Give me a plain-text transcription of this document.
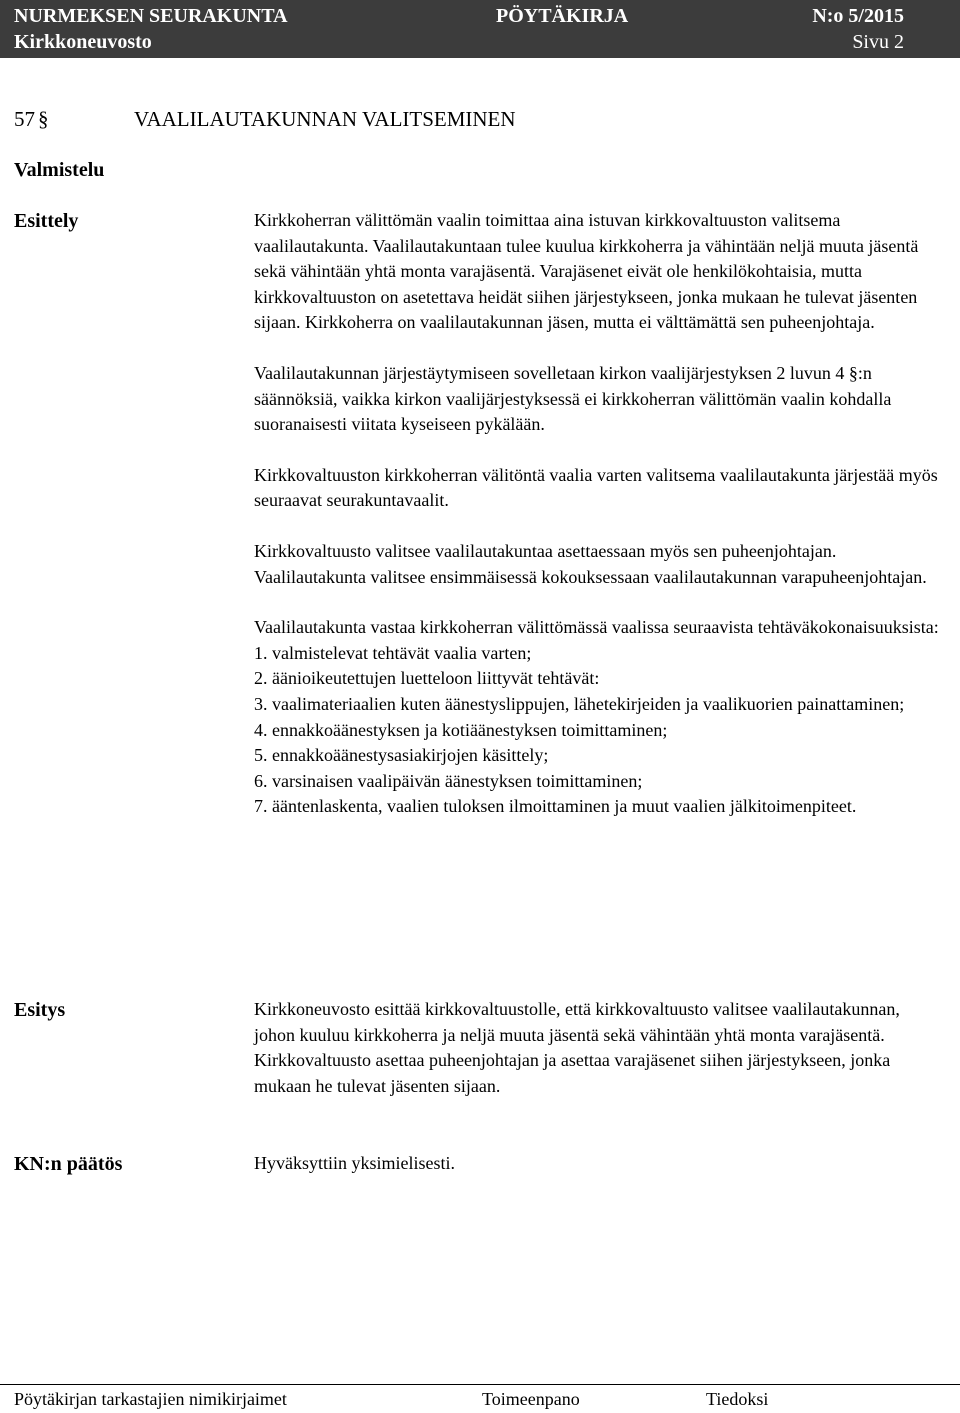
NURMEKSEN SEURAKUNTA	PÖYTÄKIRJA	N:o 5/2015
Kirkkoneuvosto	Sivu 2
57 §	VAALILAUTAKUNNAN VALITSEMINEN
Valmistelu
Esittely	Kirkkoherran välittömän vaalin toimittaa aina istuvan kirkkovaltuuston valitsema vaalilautakunta. Vaalilautakuntaan tulee kuulua kirkkoherra ja vähintään neljä muuta jäsentä sekä vähintään yhtä monta varajäsentä. Varajäsenet eivät ole henkilökohtaisia, mutta kirkkovaltuuston on asetettava heidät siihen järjestykseen, jonka mukaan he tulevat jäsenten sijaan. Kirkkoherra on vaalilautakunnan jäsen, mutta ei välttämättä sen puheenjohtaja.

Vaalilautakunnan järjestäytymiseen sovelletaan kirkon vaalijärjestyksen 2 luvun 4 §:n säännöksiä, vaikka kirkon vaalijärjestyksessä ei kirkkoherran välittömän vaalin kohdalla suoranaisesti viitata kyseiseen pykälään.

Kirkkovaltuuston kirkkoherran välitöntä vaalia varten valitsema vaalilautakunta järjestää myös seuraavat seurakuntavaalit.

Kirkkovaltuusto valitsee vaalilautakuntaa asettaessaan myös sen puheenjohtajan. Vaalilautakunta valitsee ensimmäisessä kokouksessaan vaalilautakunnan varapuheenjohtajan.

Vaalilautakunta vastaa kirkkoherran välittömässä vaalissa seuraavista tehtäväkokonaisuuksista:

1. valmistelevat tehtävät vaalia varten;

2. äänioikeutettujen luetteloon liittyvät tehtävät:

3. vaalimateriaalien kuten äänestyslippujen, lähetekirjeiden ja vaalikuorien painattaminen;

4. ennakkoäänestyksen ja kotiäänestyksen toimittaminen;

5. ennakkoäänestysasiakirjojen käsittely;

6. varsinaisen vaalipäivän äänestyksen toimittaminen;

7. ääntenlaskenta, vaalien tuloksen ilmoittaminen ja muut vaalien jälkitoimenpiteet.

Esitys	Kirkkoneuvosto esittää kirkkovaltuustolle, että kirkkovaltuusto valitsee vaalilautakunnan, johon kuuluu kirkkoherra ja neljä muuta jäsentä sekä vähintään yhtä monta varajäsentä. Kirkkovaltuusto asettaa puheenjohtajan ja asettaa varajäsenet siihen järjestykseen, jonka mukaan he tulevat jäsenten sijaan.

KN:n päätös	Hyväksyttiin yksimielisesti.

Pöytäkirjan tarkastajien nimikirjaimet	Toimeenpano	Tiedoksi
